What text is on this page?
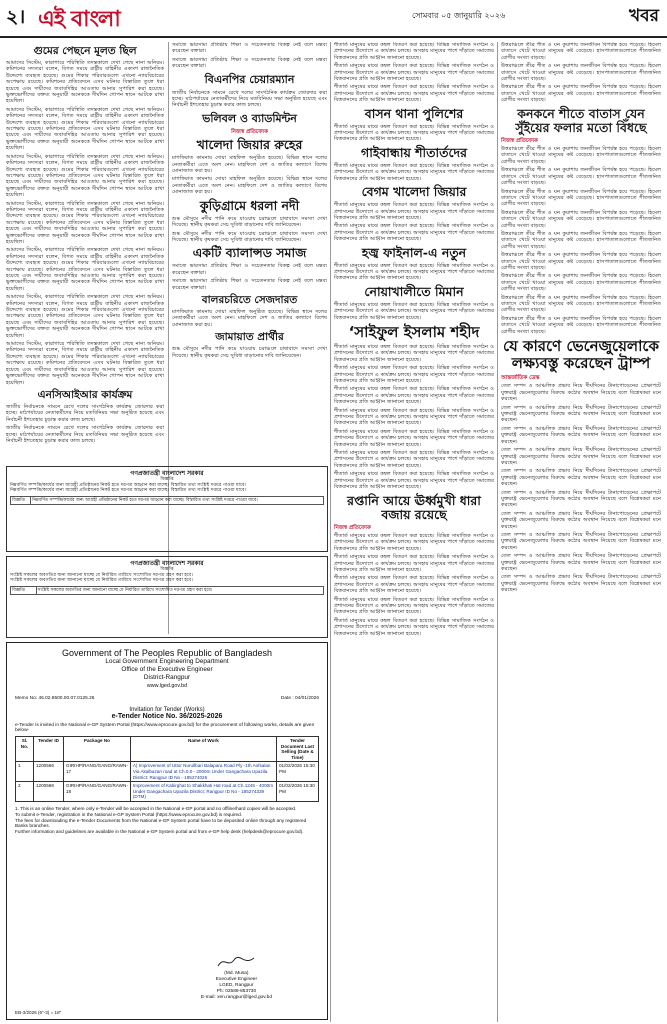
২। এই বাংলা	সোমবার ০৫ জানুয়ারি ২০২৬	খবর
গুমের পেছনে মূলত ছিল

আমাদের সিস্টেম, কারাগারে পরিস্থিতি তদন্তকালে দেখা গেছে নানা অনিয়ম। কমিশনের সদস্যরা বলেন, বিগত সময়ে রাষ্ট্রীয় বাহিনীর একাংশ রাজনৈতিক উদ্দেশ্যে ব্যবহৃত হয়েছে। গুমের শিকার পরিবারগুলো এখনো ন্যায়বিচারের অপেক্ষায় রয়েছে। কমিশনের প্রতিবেদনে এসব ঘটনার বিস্তারিত তুলে ধরা হয়েছে এবং দায়ীদের জবাবদিহির আওতায় আনার সুপারিশ করা হয়েছে। ভুক্তভোগীদের বক্তব্য অনুযায়ী অনেককে দীর্ঘদিন গোপন স্থানে আটকে রাখা হয়েছিল।

আমাদের সিস্টেম, কারাগারে পরিস্থিতি তদন্তকালে দেখা গেছে নানা অনিয়ম। কমিশনের সদস্যরা বলেন, বিগত সময়ে রাষ্ট্রীয় বাহিনীর একাংশ রাজনৈতিক উদ্দেশ্যে ব্যবহৃত হয়েছে। গুমের শিকার পরিবারগুলো এখনো ন্যায়বিচারের অপেক্ষায় রয়েছে। কমিশনের প্রতিবেদনে এসব ঘটনার বিস্তারিত তুলে ধরা হয়েছে এবং দায়ীদের জবাবদিহির আওতায় আনার সুপারিশ করা হয়েছে। ভুক্তভোগীদের বক্তব্য অনুযায়ী অনেককে দীর্ঘদিন গোপন স্থানে আটকে রাখা হয়েছিল।

আমাদের সিস্টেম, কারাগারে পরিস্থিতি তদন্তকালে দেখা গেছে নানা অনিয়ম। কমিশনের সদস্যরা বলেন, বিগত সময়ে রাষ্ট্রীয় বাহিনীর একাংশ রাজনৈতিক উদ্দেশ্যে ব্যবহৃত হয়েছে। গুমের শিকার পরিবারগুলো এখনো ন্যায়বিচারের অপেক্ষায় রয়েছে। কমিশনের প্রতিবেদনে এসব ঘটনার বিস্তারিত তুলে ধরা হয়েছে এবং দায়ীদের জবাবদিহির আওতায় আনার সুপারিশ করা হয়েছে। ভুক্তভোগীদের বক্তব্য অনুযায়ী অনেককে দীর্ঘদিন গোপন স্থানে আটকে রাখা হয়েছিল।

আমাদের সিস্টেম, কারাগারে পরিস্থিতি তদন্তকালে দেখা গেছে নানা অনিয়ম। কমিশনের সদস্যরা বলেন, বিগত সময়ে রাষ্ট্রীয় বাহিনীর একাংশ রাজনৈতিক উদ্দেশ্যে ব্যবহৃত হয়েছে। গুমের শিকার পরিবারগুলো এখনো ন্যায়বিচারের অপেক্ষায় রয়েছে। কমিশনের প্রতিবেদনে এসব ঘটনার বিস্তারিত তুলে ধরা হয়েছে এবং দায়ীদের জবাবদিহির আওতায় আনার সুপারিশ করা হয়েছে। ভুক্তভোগীদের বক্তব্য অনুযায়ী অনেককে দীর্ঘদিন গোপন স্থানে আটকে রাখা হয়েছিল।

আমাদের সিস্টেম, কারাগারে পরিস্থিতি তদন্তকালে দেখা গেছে নানা অনিয়ম। কমিশনের সদস্যরা বলেন, বিগত সময়ে রাষ্ট্রীয় বাহিনীর একাংশ রাজনৈতিক উদ্দেশ্যে ব্যবহৃত হয়েছে। গুমের শিকার পরিবারগুলো এখনো ন্যায়বিচারের অপেক্ষায় রয়েছে। কমিশনের প্রতিবেদনে এসব ঘটনার বিস্তারিত তুলে ধরা হয়েছে এবং দায়ীদের জবাবদিহির আওতায় আনার সুপারিশ করা হয়েছে। ভুক্তভোগীদের বক্তব্য অনুযায়ী অনেককে দীর্ঘদিন গোপন স্থানে আটকে রাখা হয়েছিল।

আমাদের সিস্টেম, কারাগারে পরিস্থিতি তদন্তকালে দেখা গেছে নানা অনিয়ম। কমিশনের সদস্যরা বলেন, বিগত সময়ে রাষ্ট্রীয় বাহিনীর একাংশ রাজনৈতিক উদ্দেশ্যে ব্যবহৃত হয়েছে। গুমের শিকার পরিবারগুলো এখনো ন্যায়বিচারের অপেক্ষায় রয়েছে। কমিশনের প্রতিবেদনে এসব ঘটনার বিস্তারিত তুলে ধরা হয়েছে এবং দায়ীদের জবাবদিহির আওতায় আনার সুপারিশ করা হয়েছে। ভুক্তভোগীদের বক্তব্য অনুযায়ী অনেককে দীর্ঘদিন গোপন স্থানে আটকে রাখা হয়েছিল।

আমাদের সিস্টেম, কারাগারে পরিস্থিতি তদন্তকালে দেখা গেছে নানা অনিয়ম। কমিশনের সদস্যরা বলেন, বিগত সময়ে রাষ্ট্রীয় বাহিনীর একাংশ রাজনৈতিক উদ্দেশ্যে ব্যবহৃত হয়েছে। গুমের শিকার পরিবারগুলো এখনো ন্যায়বিচারের অপেক্ষায় রয়েছে। কমিশনের প্রতিবেদনে এসব ঘটনার বিস্তারিত তুলে ধরা হয়েছে এবং দায়ীদের জবাবদিহির আওতায় আনার সুপারিশ করা হয়েছে। ভুক্তভোগীদের বক্তব্য অনুযায়ী অনেককে দীর্ঘদিন গোপন স্থানে আটকে রাখা হয়েছিল।

এনসিআইআর কার্যক্রম

জাতীয় নির্বাচনকে সামনে রেখে দলের সাংগঠনিক কার্যক্রম জোরদার করা হচ্ছে। মাঠপর্যায়ের নেতাকর্মীদের নিয়ে মতবিনিময় সভা অনুষ্ঠিত হয়েছে এবং নির্বাচনী ইশতেহার চূড়ান্ত করার কাজ চলছে।

জাতীয় নির্বাচনকে সামনে রেখে দলের সাংগঠনিক কার্যক্রম জোরদার করা হচ্ছে। মাঠপর্যায়ের নেতাকর্মীদের নিয়ে মতবিনিময় সভা অনুষ্ঠিত হয়েছে এবং নির্বাচনী ইশতেহার চূড়ান্ত করার কাজ চলছে।

গণপ্রজাতন্ত্রী বাংলাদেশ সরকার
বিজ্ঞপ্তি

নিম্নবর্ণিত সম্পত্তি/কার্যের জন্য আগ্রহী প্রতিষ্ঠানের নিকট হতে দরপত্র আহ্বান করা যাচ্ছে। বিস্তারিত তথ্য সংশ্লিষ্ট দপ্তরে পাওয়া যাবে।

নিম্নবর্ণিত সম্পত্তি/কার্যের জন্য আগ্রহী প্রতিষ্ঠানের নিকট হতে দরপত্র আহ্বান করা যাচ্ছে। বিস্তারিত তথ্য সংশ্লিষ্ট দপ্তরে পাওয়া যাবে।

বিজ্ঞপ্তি	নিম্নবর্ণিত সম্পত্তি/কার্যের জন্য আগ্রহী প্রতিষ্ঠানের নিকট হতে দরপত্র আহ্বান করা যাচ্ছে। বিস্তারিত তথ্য সংশ্লিষ্ট দপ্তরে পাওয়া যাবে।
গণপ্রজাতন্ত্রী বাংলাদেশ সরকার
বিজ্ঞপ্তি

সংশ্লিষ্ট সকলের অবগতির জন্য জানানো যাচ্ছে যে নির্ধারিত তারিখে সংশোধিত দরপত্র গ্রহণ করা হবে।

সংশ্লিষ্ট সকলের অবগতির জন্য জানানো যাচ্ছে যে নির্ধারিত তারিখে সংশোধিত দরপত্র গ্রহণ করা হবে।

বিজ্ঞপ্তি	সংশ্লিষ্ট সকলের অবগতির জন্য জানানো যাচ্ছে যে নির্ধারিত তারিখে সংশোধিত দরপত্র গ্রহণ করা হবে।

সমাজে ভারসাম্য প্রতিষ্ঠায় শিক্ষা ও সচেতনতার বিকল্প নেই বলে মন্তব্য করেছেন বক্তারা।

সমাজে ভারসাম্য প্রতিষ্ঠায় শিক্ষা ও সচেতনতার বিকল্প নেই বলে মন্তব্য করেছেন বক্তারা।

বিএনপির চেয়ারম্যান

জাতীয় নির্বাচনকে সামনে রেখে দলের সাংগঠনিক কার্যক্রম জোরদার করা হচ্ছে। মাঠপর্যায়ের নেতাকর্মীদের নিয়ে মতবিনিময় সভা অনুষ্ঠিত হয়েছে এবং নির্বাচনী ইশতেহার চূড়ান্ত করার কাজ চলছে।

ভলিবল ও ব্যাডমিন্টন
নিজস্ব প্রতিবেদক
খালেদা জিয়ার রুহের

মাগফিরাত কামনায় দোয়া মাহফিল অনুষ্ঠিত হয়েছে। বিভিন্ন স্থানে দলের নেতাকর্মীরা এতে অংশ নেন। মাহফিলে দেশ ও জাতির কল্যাণে বিশেষ মোনাজাত করা হয়।

মাগফিরাত কামনায় দোয়া মাহফিল অনুষ্ঠিত হয়েছে। বিভিন্ন স্থানে দলের নেতাকর্মীরা এতে অংশ নেন। মাহফিলে দেশ ও জাতির কল্যাণে বিশেষ মোনাজাত করা হয়।

কুড়িগ্রামে ধরলা নদী

শুষ্ক মৌসুমে নদীর পানি কমে যাওয়ায় চরাঞ্চলে চাষাবাদে সমস্যা দেখা দিয়েছে। স্থানীয় কৃষকরা সেচ সুবিধা বাড়ানোর দাবি জানিয়েছেন।

শুষ্ক মৌসুমে নদীর পানি কমে যাওয়ায় চরাঞ্চলে চাষাবাদে সমস্যা দেখা দিয়েছে। স্থানীয় কৃষকরা সেচ সুবিধা বাড়ানোর দাবি জানিয়েছেন।

একটি ব্যালান্সড সমাজ

সমাজে ভারসাম্য প্রতিষ্ঠায় শিক্ষা ও সচেতনতার বিকল্প নেই বলে মন্তব্য করেছেন বক্তারা।

সমাজে ভারসাম্য প্রতিষ্ঠায় শিক্ষা ও সচেতনতার বিকল্প নেই বলে মন্তব্য করেছেন বক্তারা।

বালরচরিতে সেজদারত

মাগফিরাত কামনায় দোয়া মাহফিল অনুষ্ঠিত হয়েছে। বিভিন্ন স্থানে দলের নেতাকর্মীরা এতে অংশ নেন। মাহফিলে দেশ ও জাতির কল্যাণে বিশেষ মোনাজাত করা হয়।

জামায়াত প্রার্থীর

শুষ্ক মৌসুমে নদীর পানি কমে যাওয়ায় চরাঞ্চলে চাষাবাদে সমস্যা দেখা দিয়েছে। স্থানীয় কৃষকরা সেচ সুবিধা বাড়ানোর দাবি জানিয়েছেন।

Government of The Peoples Republic of Bangladesh
Local Government Engineering Department
Office of the Executive Engineer
District-Rangpur
www.lged.gov.bd
Memo No: 46.02.8500.00.07.0125.26	Date : 04/01/2026
Invitation for Tender (Works)
e-Tender Notice No. 36/2025-2026
e-Tender is invited in the National e-GP System Portal (https://www.eprocure.gov.bd) for the procurement of following works, details are given below-
Sl. No.	Tender ID	Package No	Name of Work	Tender Document Last Selling (Date & Time)
1	1200566	GIRIHP/RANG/GANG/RAWN-17	A) Improvement of Uttor Nurullbari Balapara Road Ply -1th Aofsalan Via Akalbazari road at Ch.0.0 - 2000m Under Gangachara Upazila District: Rangpur ID No - 185274026	01/02/2026 15:30 PM
2	1200568	GIRIHP/RANG/GANG/RAWN-18	Improvement of Kabirghat to Shakkhati Hat road at Ch.1245 - 4000m Under Gangachara Upazila District: Rangpur ID No - 185274339 (DTM)	01/02/2026 15:30 PM
1. This is an online Tender, where only e-Tender will be accepted in the National e-GP portal and no offline/hard copies will be accepted.
To submit e-Tender, registration in the National e-GP System Portal (https://www.eprocure.gov.bd) is required.
The fees for downloading the e-Tender Documents from the National e-GP System portal have to be deposited online through any registered Banks branches.
Further information and guidelines are available in the National e-GP System portal and from e-GP help desk (helpdesk@eprocure.gov.bd).
(Md. Musa)
Executive Engineer
LGED, Rangpur
Ph: 02588-853730
E-mail: xen.rangpur@lged.gov.bd
EB-3/2026 (6"-3) = 18"

শীতার্ত মানুষের মাঝে কম্বল বিতরণ করা হয়েছে। বিভিন্ন সামাজিক সংগঠন ও প্রশাসনের উদ্যোগে এ কার্যক্রম চলছে। অসহায় মানুষের পাশে দাঁড়াতে সমাজের বিত্তবানদের প্রতি আহ্বান জানানো হয়েছে।

শীতার্ত মানুষের মাঝে কম্বল বিতরণ করা হয়েছে। বিভিন্ন সামাজিক সংগঠন ও প্রশাসনের উদ্যোগে এ কার্যক্রম চলছে। অসহায় মানুষের পাশে দাঁড়াতে সমাজের বিত্তবানদের প্রতি আহ্বান জানানো হয়েছে।

শীতার্ত মানুষের মাঝে কম্বল বিতরণ করা হয়েছে। বিভিন্ন সামাজিক সংগঠন ও প্রশাসনের উদ্যোগে এ কার্যক্রম চলছে। অসহায় মানুষের পাশে দাঁড়াতে সমাজের বিত্তবানদের প্রতি আহ্বান জানানো হয়েছে।

বাসন থানা পুলিশের

শীতার্ত মানুষের মাঝে কম্বল বিতরণ করা হয়েছে। বিভিন্ন সামাজিক সংগঠন ও প্রশাসনের উদ্যোগে এ কার্যক্রম চলছে। অসহায় মানুষের পাশে দাঁড়াতে সমাজের বিত্তবানদের প্রতি আহ্বান জানানো হয়েছে।

গাইবান্ধায় শীতার্তদের

শীতার্ত মানুষের মাঝে কম্বল বিতরণ করা হয়েছে। বিভিন্ন সামাজিক সংগঠন ও প্রশাসনের উদ্যোগে এ কার্যক্রম চলছে। অসহায় মানুষের পাশে দাঁড়াতে সমাজের বিত্তবানদের প্রতি আহ্বান জানানো হয়েছে।

বেগম খালেদা জিয়ার

শীতার্ত মানুষের মাঝে কম্বল বিতরণ করা হয়েছে। বিভিন্ন সামাজিক সংগঠন ও প্রশাসনের উদ্যোগে এ কার্যক্রম চলছে। অসহায় মানুষের পাশে দাঁড়াতে সমাজের বিত্তবানদের প্রতি আহ্বান জানানো হয়েছে।

শীতার্ত মানুষের মাঝে কম্বল বিতরণ করা হয়েছে। বিভিন্ন সামাজিক সংগঠন ও প্রশাসনের উদ্যোগে এ কার্যক্রম চলছে। অসহায় মানুষের পাশে দাঁড়াতে সমাজের বিত্তবানদের প্রতি আহ্বান জানানো হয়েছে।

হজ্ব ফাইনাল-এ নতুন

শীতার্ত মানুষের মাঝে কম্বল বিতরণ করা হয়েছে। বিভিন্ন সামাজিক সংগঠন ও প্রশাসনের উদ্যোগে এ কার্যক্রম চলছে। অসহায় মানুষের পাশে দাঁড়াতে সমাজের বিত্তবানদের প্রতি আহ্বান জানানো হয়েছে।

নোয়াখালীতে মিমান

শীতার্ত মানুষের মাঝে কম্বল বিতরণ করা হয়েছে। বিভিন্ন সামাজিক সংগঠন ও প্রশাসনের উদ্যোগে এ কার্যক্রম চলছে। অসহায় মানুষের পাশে দাঁড়াতে সমাজের বিত্তবানদের প্রতি আহ্বান জানানো হয়েছে।

‘সাইফুল ইসলাম শহীদ

শীতার্ত মানুষের মাঝে কম্বল বিতরণ করা হয়েছে। বিভিন্ন সামাজিক সংগঠন ও প্রশাসনের উদ্যোগে এ কার্যক্রম চলছে। অসহায় মানুষের পাশে দাঁড়াতে সমাজের বিত্তবানদের প্রতি আহ্বান জানানো হয়েছে।

শীতার্ত মানুষের মাঝে কম্বল বিতরণ করা হয়েছে। বিভিন্ন সামাজিক সংগঠন ও প্রশাসনের উদ্যোগে এ কার্যক্রম চলছে। অসহায় মানুষের পাশে দাঁড়াতে সমাজের বিত্তবানদের প্রতি আহ্বান জানানো হয়েছে।

শীতার্ত মানুষের মাঝে কম্বল বিতরণ করা হয়েছে। বিভিন্ন সামাজিক সংগঠন ও প্রশাসনের উদ্যোগে এ কার্যক্রম চলছে। অসহায় মানুষের পাশে দাঁড়াতে সমাজের বিত্তবানদের প্রতি আহ্বান জানানো হয়েছে।

শীতার্ত মানুষের মাঝে কম্বল বিতরণ করা হয়েছে। বিভিন্ন সামাজিক সংগঠন ও প্রশাসনের উদ্যোগে এ কার্যক্রম চলছে। অসহায় মানুষের পাশে দাঁড়াতে সমাজের বিত্তবানদের প্রতি আহ্বান জানানো হয়েছে।

শীতার্ত মানুষের মাঝে কম্বল বিতরণ করা হয়েছে। বিভিন্ন সামাজিক সংগঠন ও প্রশাসনের উদ্যোগে এ কার্যক্রম চলছে। অসহায় মানুষের পাশে দাঁড়াতে সমাজের বিত্তবানদের প্রতি আহ্বান জানানো হয়েছে।

শীতার্ত মানুষের মাঝে কম্বল বিতরণ করা হয়েছে। বিভিন্ন সামাজিক সংগঠন ও প্রশাসনের উদ্যোগে এ কার্যক্রম চলছে। অসহায় মানুষের পাশে দাঁড়াতে সমাজের বিত্তবানদের প্রতি আহ্বান জানানো হয়েছে।

শীতার্ত মানুষের মাঝে কম্বল বিতরণ করা হয়েছে। বিভিন্ন সামাজিক সংগঠন ও প্রশাসনের উদ্যোগে এ কার্যক্রম চলছে। অসহায় মানুষের পাশে দাঁড়াতে সমাজের বিত্তবানদের প্রতি আহ্বান জানানো হয়েছে।

রপ্তানি আয়ে ঊর্ধ্বমুখী ধারা বজায় রয়েছে
নিজস্ব প্রতিবেদক

শীতার্ত মানুষের মাঝে কম্বল বিতরণ করা হয়েছে। বিভিন্ন সামাজিক সংগঠন ও প্রশাসনের উদ্যোগে এ কার্যক্রম চলছে। অসহায় মানুষের পাশে দাঁড়াতে সমাজের বিত্তবানদের প্রতি আহ্বান জানানো হয়েছে।

শীতার্ত মানুষের মাঝে কম্বল বিতরণ করা হয়েছে। বিভিন্ন সামাজিক সংগঠন ও প্রশাসনের উদ্যোগে এ কার্যক্রম চলছে। অসহায় মানুষের পাশে দাঁড়াতে সমাজের বিত্তবানদের প্রতি আহ্বান জানানো হয়েছে।

শীতার্ত মানুষের মাঝে কম্বল বিতরণ করা হয়েছে। বিভিন্ন সামাজিক সংগঠন ও প্রশাসনের উদ্যোগে এ কার্যক্রম চলছে। অসহায় মানুষের পাশে দাঁড়াতে সমাজের বিত্তবানদের প্রতি আহ্বান জানানো হয়েছে।

শীতার্ত মানুষের মাঝে কম্বল বিতরণ করা হয়েছে। বিভিন্ন সামাজিক সংগঠন ও প্রশাসনের উদ্যোগে এ কার্যক্রম চলছে। অসহায় মানুষের পাশে দাঁড়াতে সমাজের বিত্তবানদের প্রতি আহ্বান জানানো হয়েছে।

শীতার্ত মানুষের মাঝে কম্বল বিতরণ করা হয়েছে। বিভিন্ন সামাজিক সংগঠন ও প্রশাসনের উদ্যোগে এ কার্যক্রম চলছে। অসহায় মানুষের পাশে দাঁড়াতে সমাজের বিত্তবানদের প্রতি আহ্বান জানানো হয়েছে।

উত্তরাঞ্চলে তীব্র শীত ও ঘন কুয়াশায় জনজীবন বিপর্যস্ত হয়ে পড়েছে। হিমেল বাতাসে খেটে খাওয়া মানুষের কষ্ট বেড়েছে। হাসপাতালগুলোতে শীতজনিত রোগীর সংখ্যা বাড়ছে।

উত্তরাঞ্চলে তীব্র শীত ও ঘন কুয়াশায় জনজীবন বিপর্যস্ত হয়ে পড়েছে। হিমেল বাতাসে খেটে খাওয়া মানুষের কষ্ট বেড়েছে। হাসপাতালগুলোতে শীতজনিত রোগীর সংখ্যা বাড়ছে।

উত্তরাঞ্চলে তীব্র শীত ও ঘন কুয়াশায় জনজীবন বিপর্যস্ত হয়ে পড়েছে। হিমেল বাতাসে খেটে খাওয়া মানুষের কষ্ট বেড়েছে। হাসপাতালগুলোতে শীতজনিত রোগীর সংখ্যা বাড়ছে।

কনকনে শীতে বাতাস যেন সুঁইয়ের ফলার মতো বিঁধছে
নিজস্ব প্রতিবেদক

উত্তরাঞ্চলে তীব্র শীত ও ঘন কুয়াশায় জনজীবন বিপর্যস্ত হয়ে পড়েছে। হিমেল বাতাসে খেটে খাওয়া মানুষের কষ্ট বেড়েছে। হাসপাতালগুলোতে শীতজনিত রোগীর সংখ্যা বাড়ছে।

উত্তরাঞ্চলে তীব্র শীত ও ঘন কুয়াশায় জনজীবন বিপর্যস্ত হয়ে পড়েছে। হিমেল বাতাসে খেটে খাওয়া মানুষের কষ্ট বেড়েছে। হাসপাতালগুলোতে শীতজনিত রোগীর সংখ্যা বাড়ছে।

উত্তরাঞ্চলে তীব্র শীত ও ঘন কুয়াশায় জনজীবন বিপর্যস্ত হয়ে পড়েছে। হিমেল বাতাসে খেটে খাওয়া মানুষের কষ্ট বেড়েছে। হাসপাতালগুলোতে শীতজনিত রোগীর সংখ্যা বাড়ছে।

উত্তরাঞ্চলে তীব্র শীত ও ঘন কুয়াশায় জনজীবন বিপর্যস্ত হয়ে পড়েছে। হিমেল বাতাসে খেটে খাওয়া মানুষের কষ্ট বেড়েছে। হাসপাতালগুলোতে শীতজনিত রোগীর সংখ্যা বাড়ছে।

উত্তরাঞ্চলে তীব্র শীত ও ঘন কুয়াশায় জনজীবন বিপর্যস্ত হয়ে পড়েছে। হিমেল বাতাসে খেটে খাওয়া মানুষের কষ্ট বেড়েছে। হাসপাতালগুলোতে শীতজনিত রোগীর সংখ্যা বাড়ছে।

উত্তরাঞ্চলে তীব্র শীত ও ঘন কুয়াশায় জনজীবন বিপর্যস্ত হয়ে পড়েছে। হিমেল বাতাসে খেটে খাওয়া মানুষের কষ্ট বেড়েছে। হাসপাতালগুলোতে শীতজনিত রোগীর সংখ্যা বাড়ছে।

উত্তরাঞ্চলে তীব্র শীত ও ঘন কুয়াশায় জনজীবন বিপর্যস্ত হয়ে পড়েছে। হিমেল বাতাসে খেটে খাওয়া মানুষের কষ্ট বেড়েছে। হাসপাতালগুলোতে শীতজনিত রোগীর সংখ্যা বাড়ছে।

উত্তরাঞ্চলে তীব্র শীত ও ঘন কুয়াশায় জনজীবন বিপর্যস্ত হয়ে পড়েছে। হিমেল বাতাসে খেটে খাওয়া মানুষের কষ্ট বেড়েছে। হাসপাতালগুলোতে শীতজনিত রোগীর সংখ্যা বাড়ছে।

উত্তরাঞ্চলে তীব্র শীত ও ঘন কুয়াশায় জনজীবন বিপর্যস্ত হয়ে পড়েছে। হিমেল বাতাসে খেটে খাওয়া মানুষের কষ্ট বেড়েছে। হাসপাতালগুলোতে শীতজনিত রোগীর সংখ্যা বাড়ছে।

যে কারণে ভেনেজুয়েলাকে লক্ষ্যবস্তু করেছেন ট্রাম্প
আন্তর্জাতিক ডেস্ক

তেল সম্পদ ও আঞ্চলিক প্রভাব নিয়ে দীর্ঘদিনের টানাপোড়েনের প্রেক্ষাপটে যুক্তরাষ্ট্র ভেনেজুয়েলার বিরুদ্ধে কঠোর অবস্থান নিয়েছে বলে বিশ্লেষকরা মনে করছেন।

তেল সম্পদ ও আঞ্চলিক প্রভাব নিয়ে দীর্ঘদিনের টানাপোড়েনের প্রেক্ষাপটে যুক্তরাষ্ট্র ভেনেজুয়েলার বিরুদ্ধে কঠোর অবস্থান নিয়েছে বলে বিশ্লেষকরা মনে করছেন।

তেল সম্পদ ও আঞ্চলিক প্রভাব নিয়ে দীর্ঘদিনের টানাপোড়েনের প্রেক্ষাপটে যুক্তরাষ্ট্র ভেনেজুয়েলার বিরুদ্ধে কঠোর অবস্থান নিয়েছে বলে বিশ্লেষকরা মনে করছেন।

তেল সম্পদ ও আঞ্চলিক প্রভাব নিয়ে দীর্ঘদিনের টানাপোড়েনের প্রেক্ষাপটে যুক্তরাষ্ট্র ভেনেজুয়েলার বিরুদ্ধে কঠোর অবস্থান নিয়েছে বলে বিশ্লেষকরা মনে করছেন।

তেল সম্পদ ও আঞ্চলিক প্রভাব নিয়ে দীর্ঘদিনের টানাপোড়েনের প্রেক্ষাপটে যুক্তরাষ্ট্র ভেনেজুয়েলার বিরুদ্ধে কঠোর অবস্থান নিয়েছে বলে বিশ্লেষকরা মনে করছেন।

তেল সম্পদ ও আঞ্চলিক প্রভাব নিয়ে দীর্ঘদিনের টানাপোড়েনের প্রেক্ষাপটে যুক্তরাষ্ট্র ভেনেজুয়েলার বিরুদ্ধে কঠোর অবস্থান নিয়েছে বলে বিশ্লেষকরা মনে করছেন।

তেল সম্পদ ও আঞ্চলিক প্রভাব নিয়ে দীর্ঘদিনের টানাপোড়েনের প্রেক্ষাপটে যুক্তরাষ্ট্র ভেনেজুয়েলার বিরুদ্ধে কঠোর অবস্থান নিয়েছে বলে বিশ্লেষকরা মনে করছেন।

তেল সম্পদ ও আঞ্চলিক প্রভাব নিয়ে দীর্ঘদিনের টানাপোড়েনের প্রেক্ষাপটে যুক্তরাষ্ট্র ভেনেজুয়েলার বিরুদ্ধে কঠোর অবস্থান নিয়েছে বলে বিশ্লেষকরা মনে করছেন।

তেল সম্পদ ও আঞ্চলিক প্রভাব নিয়ে দীর্ঘদিনের টানাপোড়েনের প্রেক্ষাপটে যুক্তরাষ্ট্র ভেনেজুয়েলার বিরুদ্ধে কঠোর অবস্থান নিয়েছে বলে বিশ্লেষকরা মনে করছেন।

তেল সম্পদ ও আঞ্চলিক প্রভাব নিয়ে দীর্ঘদিনের টানাপোড়েনের প্রেক্ষাপটে যুক্তরাষ্ট্র ভেনেজুয়েলার বিরুদ্ধে কঠোর অবস্থান নিয়েছে বলে বিশ্লেষকরা মনে করছেন।
